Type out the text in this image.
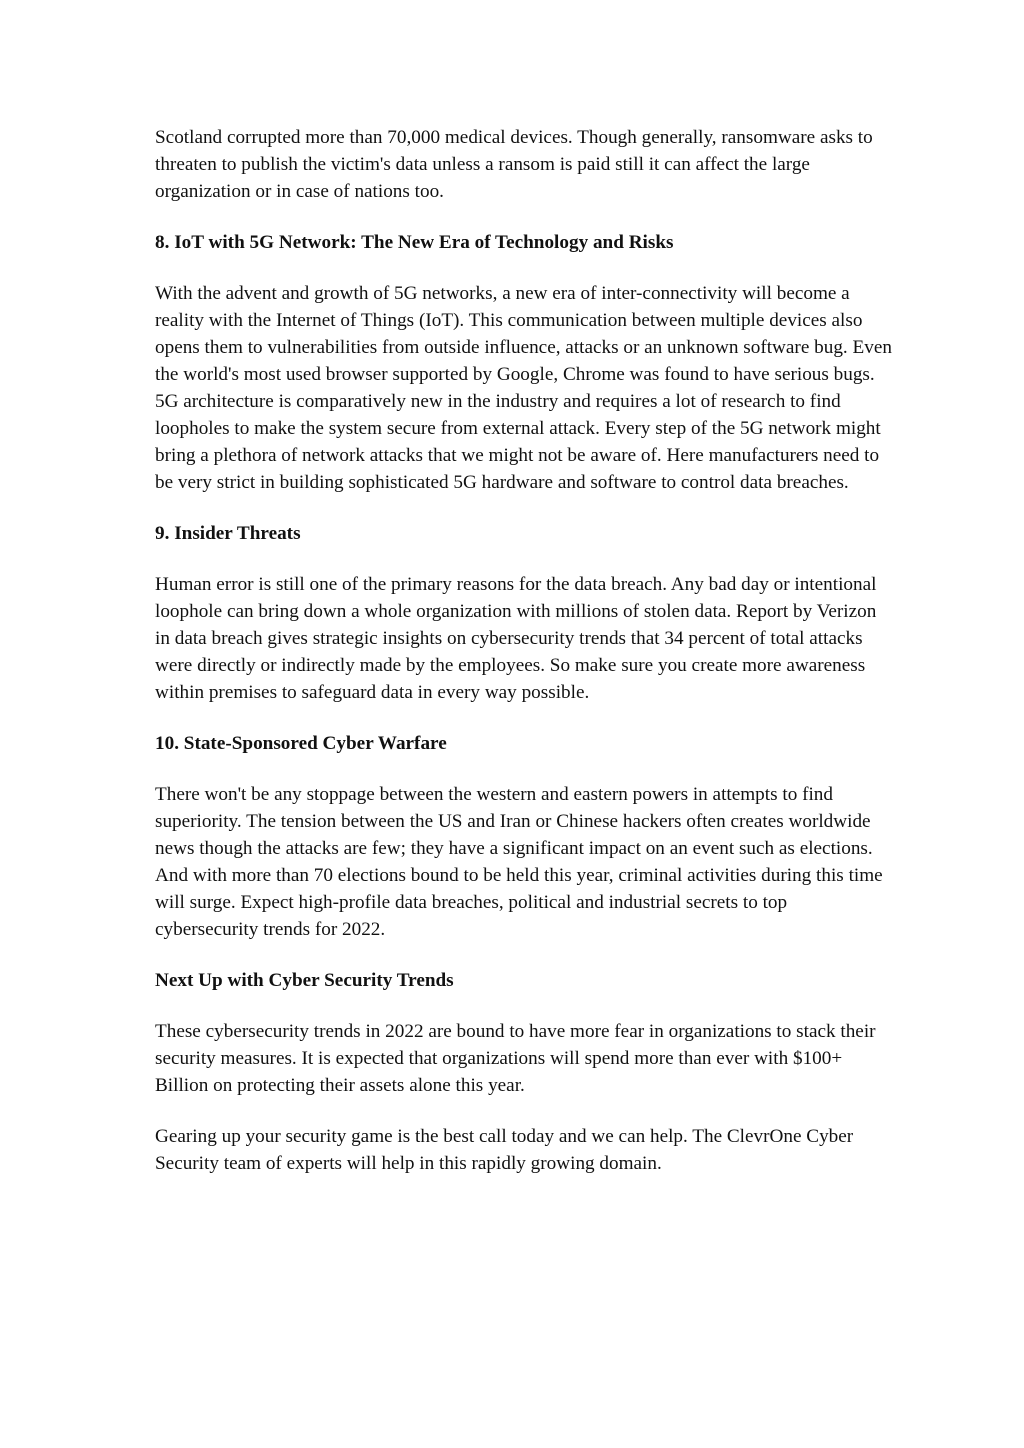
Scotland corrupted more than 70,000 medical devices. Though generally, ransomware asks to threaten to publish the victim's data unless a ransom is paid still it can affect the large organization or in case of nations too.

8. IoT with 5G Network: The New Era of Technology and Risks

With the advent and growth of 5G networks, a new era of inter-connectivity will become a reality with the Internet of Things (IoT). This communication between multiple devices also opens them to vulnerabilities from outside influence, attacks or an unknown software bug. Even the world's most used browser supported by Google, Chrome was found to have serious bugs. 5G architecture is comparatively new in the industry and requires a lot of research to find loopholes to make the system secure from external attack. Every step of the 5G network might bring a plethora of network attacks that we might not be aware of. Here manufacturers need to be very strict in building sophisticated 5G hardware and software to control data breaches.

9. Insider Threats

Human error is still one of the primary reasons for the data breach. Any bad day or intentional loophole can bring down a whole organization with millions of stolen data. Report by Verizon in data breach gives strategic insights on cybersecurity trends that 34 percent of total attacks were directly or indirectly made by the employees. So make sure you create more awareness within premises to safeguard data in every way possible.

10. State-Sponsored Cyber Warfare

There won't be any stoppage between the western and eastern powers in attempts to find superiority. The tension between the US and Iran or Chinese hackers often creates worldwide news though the attacks are few; they have a significant impact on an event such as elections. And with more than 70 elections bound to be held this year, criminal activities during this time will surge. Expect high-profile data breaches, political and industrial secrets to top cybersecurity trends for 2022.

Next Up with Cyber Security Trends

These cybersecurity trends in 2022 are bound to have more fear in organizations to stack their security measures. It is expected that organizations will spend more than ever with $100+ Billion on protecting their assets alone this year.

Gearing up your security game is the best call today and we can help. The ClevrOne Cyber Security team of experts will help in this rapidly growing domain.
